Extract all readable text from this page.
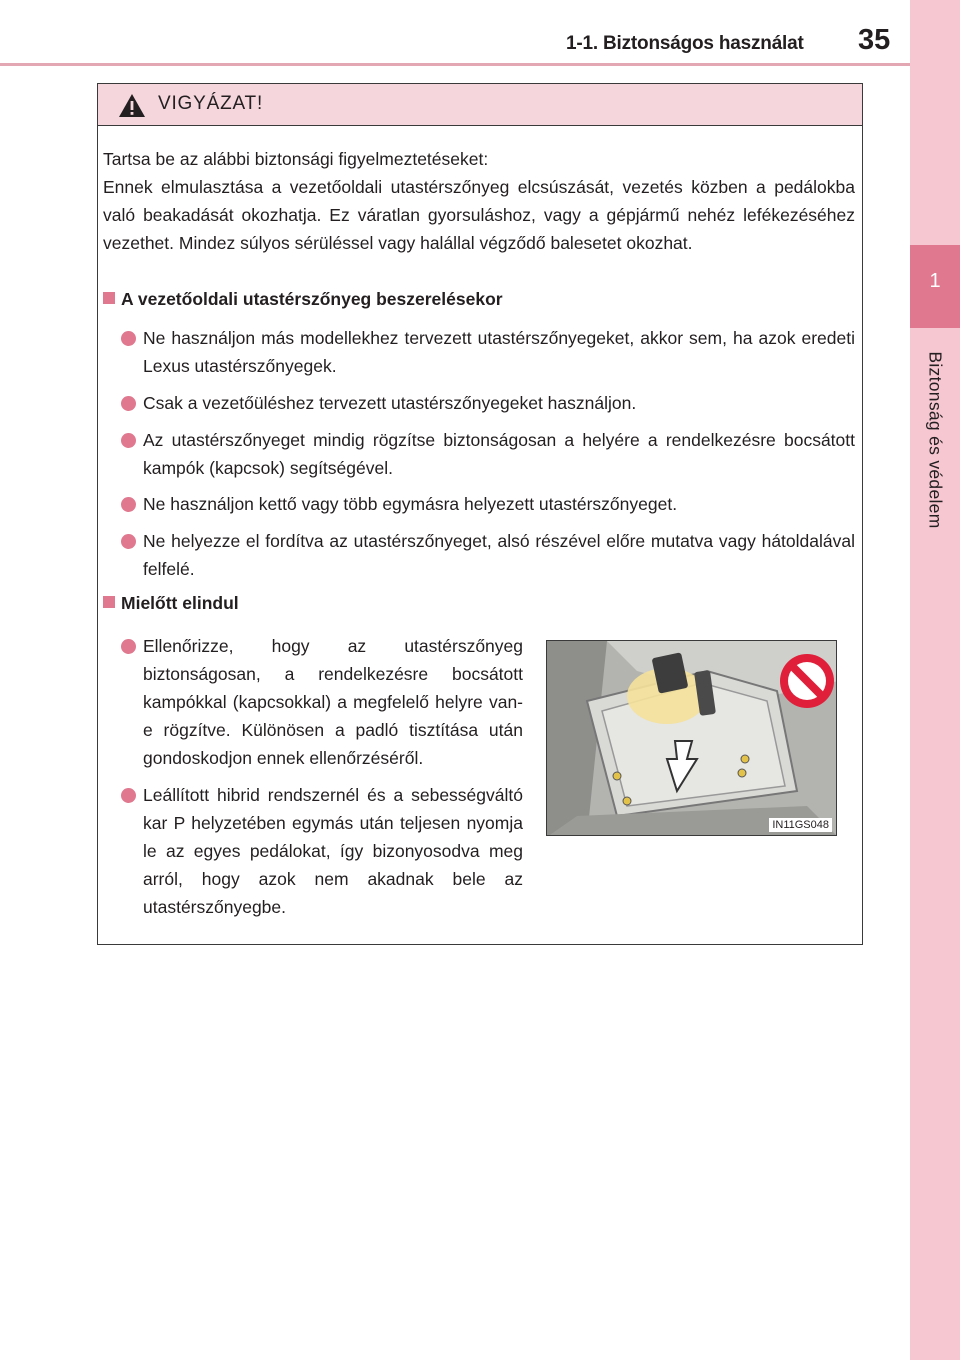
1-1. Biztonságos használat 35
1
Biztonság és védelem
VIGYÁZAT!
Tartsa be az alábbi biztonsági figyelmeztetéseket:
Ennek elmulasztása a vezetőoldali utastérszőnyeg elcsúszását, vezetés közben a pedálokba való beakadását okozhatja. Ez váratlan gyorsuláshoz, vagy a gépjármű nehéz lefékezéséhez vezethet. Mindez súlyos sérüléssel vagy halállal végződő balesetet okozhat.
A vezetőoldali utastérszőnyeg beszerelésekor
Ne használjon más modellekhez tervezett utastérszőnyegeket, akkor sem, ha azok eredeti Lexus utastérszőnyegek.
Csak a vezetőüléshez tervezett utastérszőnyegeket használjon.
Az utastérszőnyeget mindig rögzítse biztonságosan a helyére a rendelkezésre bocsátott kampók (kapcsok) segítségével.
Ne használjon kettő vagy több egymásra helyezett utastérszőnyeget.
Ne helyezze el fordítva az utastérszőnyeget, alsó részével előre mutatva vagy hátoldalával felfelé.
Mielőtt elindul
Ellenőrizze, hogy az utastérszőnyeg biztonságosan, a rendelkezésre bocsátott kampókkal (kapcsokkal) a megfelelő helyre van-e rögzítve. Különösen a padló tisztítása után gondoskodjon ennek ellenőrzéséről.
Leállított hibrid rendszernél és a sebességváltó kar P helyzetében egymás után teljesen nyomja le az egyes pedálokat, így bizonyosodva meg arról, hogy azok nem akadnak bele az utastérszőnyegbe.
IN11GS048
